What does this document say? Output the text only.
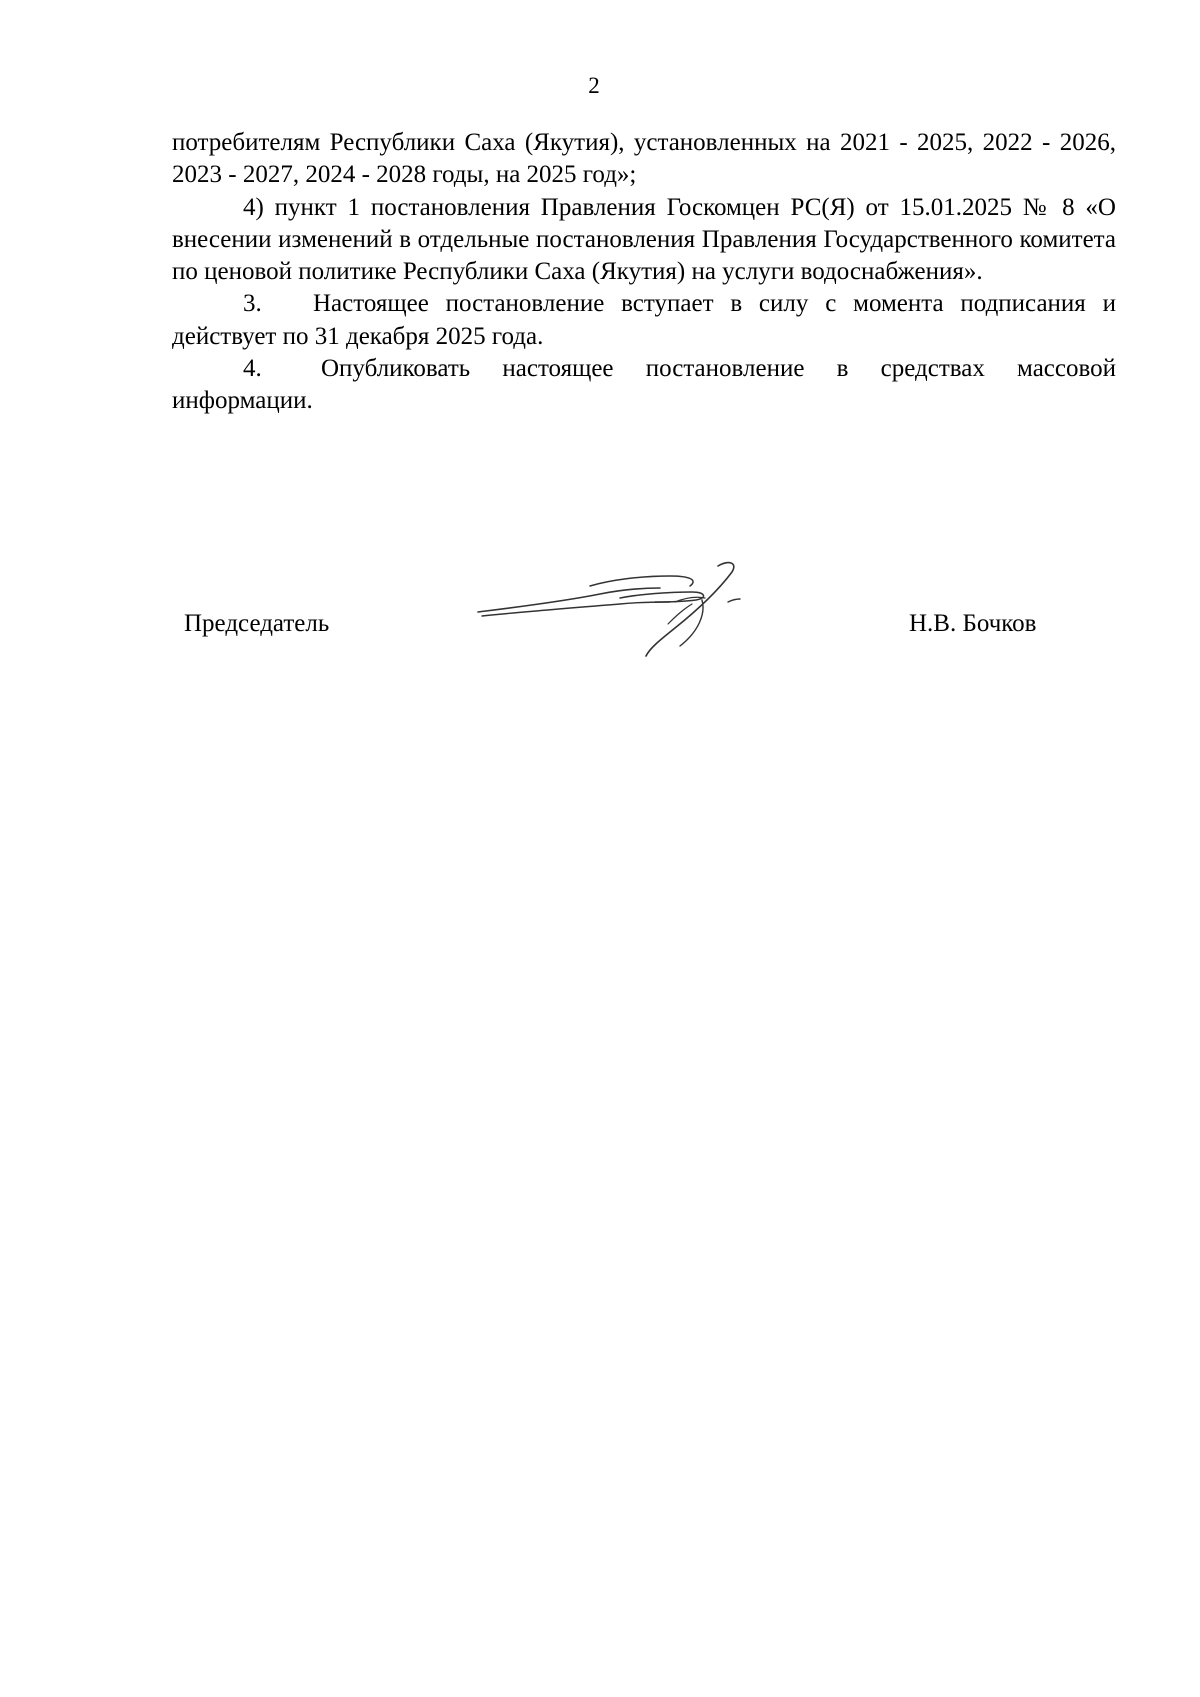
2

потребителям Республики Саха (Якутия), установленных на 2021 - 2025, 2022 - 2026, 2023 - 2027, 2024 - 2028 годы, на 2025 год»;

4) пункт 1 постановления Правления Госкомцен РС(Я) от 15.01.2025 № 8 «О внесении изменений в отдельные постановления Правления Государственного комитета по ценовой политике Республики Саха (Якутия) на услуги водоснабжения».

3. Настоящее постановление вступает в силу с момента подписания и действует по 31 декабря 2025 года.

4. Опубликовать настоящее постановление в средствах массовой информации.

Председатель	Н.В. Бочков
